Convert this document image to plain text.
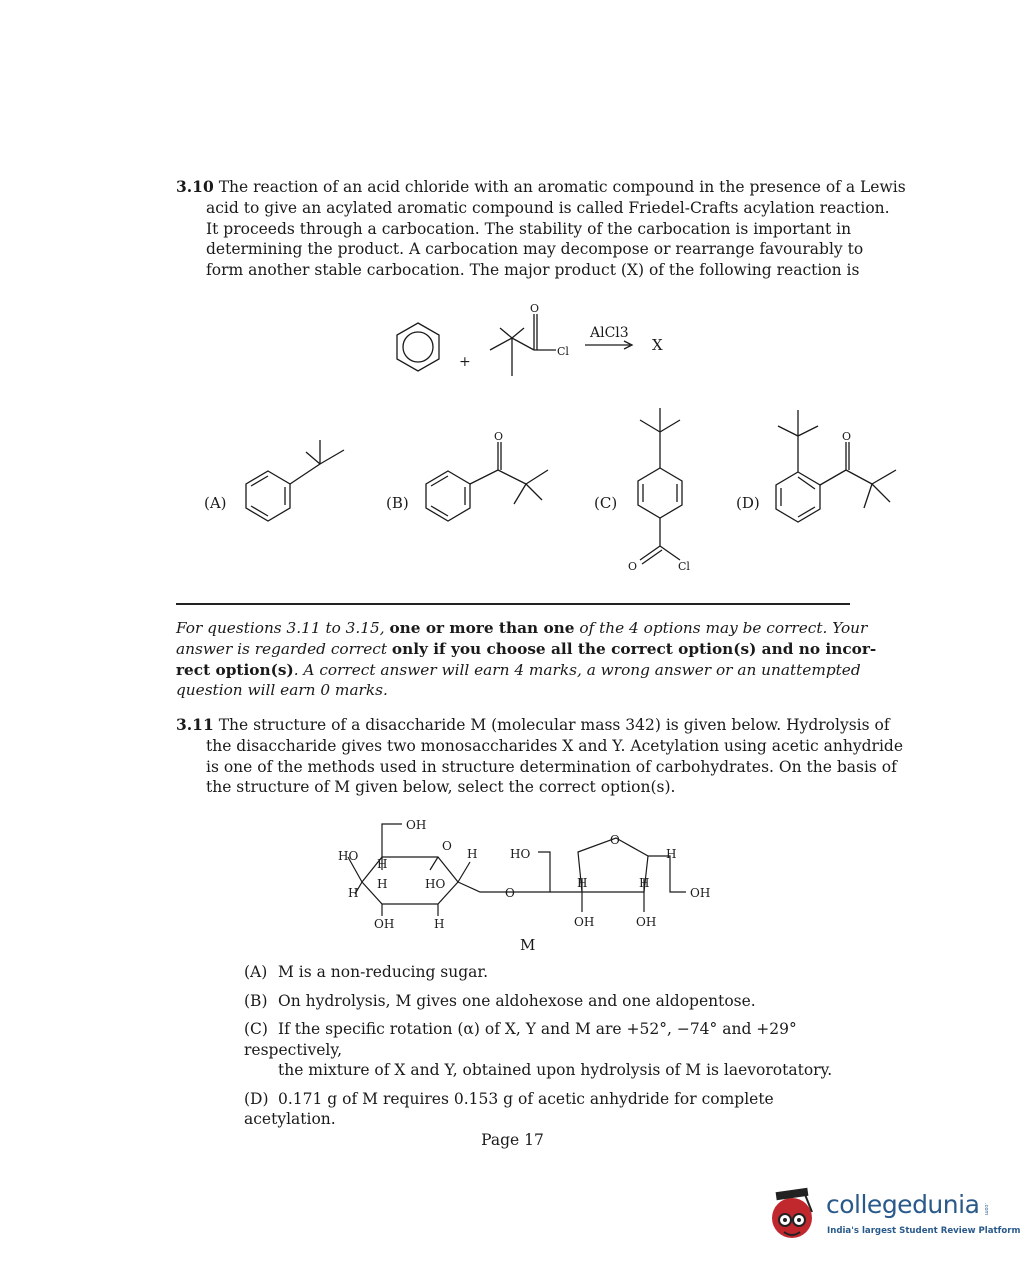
3.10 The reaction of an acid chloride with an aromatic compound in the presence of a Lewis
acid to give an acylated aromatic compound is called Friedel-Crafts acylation reaction.
It proceeds through a carbocation. The stability of the carbocation is important in
determining the product. A carbocation may decompose or rearrange favourably to
form another stable carbocation. The major product (X) of the following reaction is
+
O
Cl
AlCl3
X
(A)	(B)	(C)	(D)
O
O	Cl
O
For questions 3.11 to 3.15, one or more than one of the 4 options may be correct. Your
answer is regarded correct only if you choose all the correct option(s) and no incor-
rect option(s). A correct answer will earn 4 marks, a wrong answer or an unattempted
question will earn 0 marks.
3.11 The structure of a disaccharide M (molecular mass 342) is given below. Hydrolysis of
the disaccharide gives two monosaccharides X and Y. Acetylation using acetic anhydride
is one of the methods used in structure determination of carbohydrates. On the basis of
the structure of M given below, select the correct option(s).
OH
O
HO
H
H
H	HO
OH	H
H
O
HO
O
H	H
H
OH
OH	OH
M
(A) M is a non-reducing sugar.
(B) On hydrolysis, M gives one aldohexose and one aldopentose.
(C) If the specific rotation (α) of X, Y and M are +52°, −74° and +29° respectively,
the mixture of X and Y, obtained upon hydrolysis of M is laevorotatory.
(D) 0.171 g of M requires 0.153 g of acetic anhydride for complete acetylation.
Page 17
collegedunia .com
India's largest Student Review Platform
